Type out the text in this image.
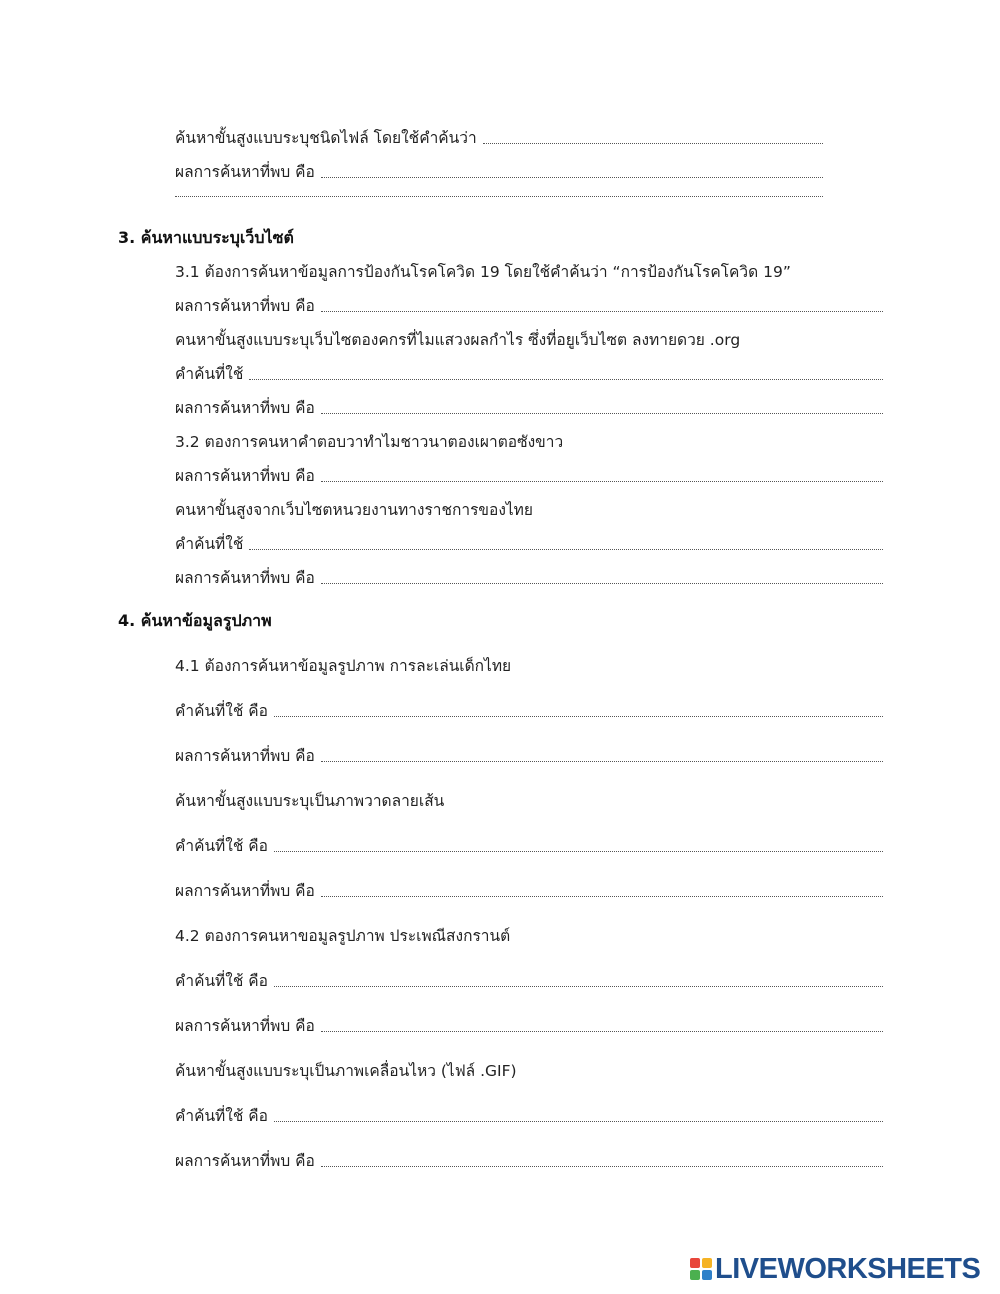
ค้นหาขั้นสูงแบบระบุชนิดไฟล์ โดยใช้คำค้นว่า
ผลการค้นหาที่พบ คือ
3. ค้นหาแบบระบุเว็บไซต์
3.1 ต้องการค้นหาข้อมูลการป้องกันโรคโควิด 19 โดยใช้คำค้นว่า “การป้องกันโรคโควิด 19”
ผลการค้นหาที่พบ คือ
คนหาขั้นสูงแบบระบุเว็บไซตองคกรที่ไมแสวงผลกำไร ซึ่งที่อยูเว็บไซต ลงทายดวย .org
คำค้นที่ใช้
ผลการค้นหาที่พบ คือ
3.2 ตองการคนหาคำตอบวาทำไมชาวนาตองเผาตอซังขาว
ผลการค้นหาที่พบ คือ
คนหาขั้นสูงจากเว็บไซตหนวยงานทางราชการของไทย
คำค้นที่ใช้
ผลการค้นหาที่พบ คือ
4. ค้นหาข้อมูลรูปภาพ
4.1 ต้องการค้นหาข้อมูลรูปภาพ การละเล่นเด็กไทย
คำค้นที่ใช้ คือ
ผลการค้นหาที่พบ คือ
ค้นหาขั้นสูงแบบระบุเป็นภาพวาดลายเส้น
คำค้นที่ใช้ คือ
ผลการค้นหาที่พบ คือ
4.2 ตองการคนหาขอมูลรูปภาพ ประเพณีสงกรานต์
คำค้นที่ใช้ คือ
ผลการค้นหาที่พบ คือ
ค้นหาขั้นสูงแบบระบุเป็นภาพเคลื่อนไหว (ไฟล์ .GIF)
คำค้นที่ใช้ คือ
ผลการค้นหาที่พบ คือ
LIVEWORKSHEETS
